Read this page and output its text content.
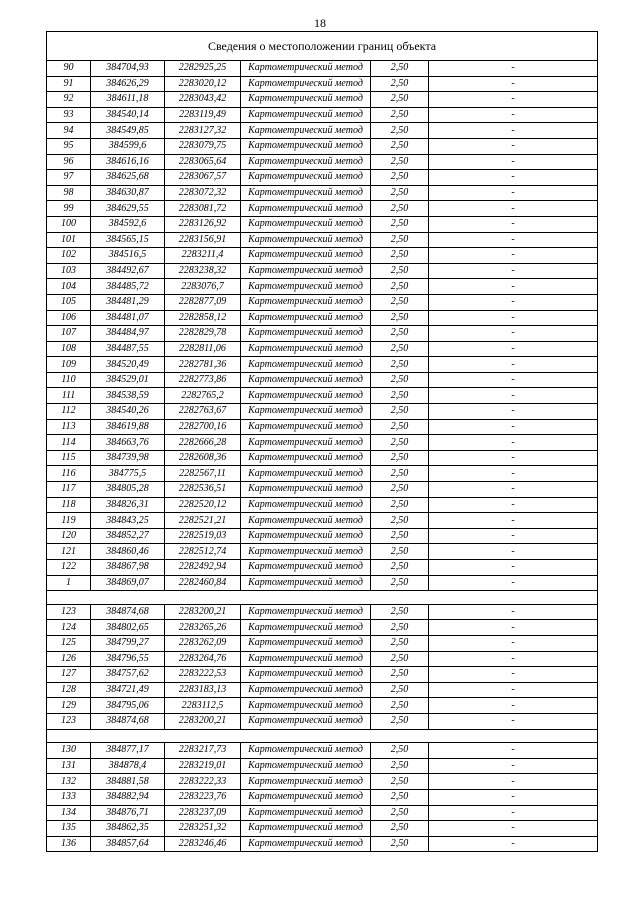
18
Сведения о местоположении границ объекта					
90	384704,93	2282925,25	Картометрический метод	2,50	-
91	384626,29	2283020,12	Картометрический метод	2,50	-
92	384611,18	2283043,42	Картометрический метод	2,50	-
93	384540,14	2283119,49	Картометрический метод	2,50	-
94	384549,85	2283127,32	Картометрический метод	2,50	-
95	384599,6	2283079,75	Картометрический метод	2,50	-
96	384616,16	2283065,64	Картометрический метод	2,50	-
97	384625,68	2283067,57	Картометрический метод	2,50	-
98	384630,87	2283072,32	Картометрический метод	2,50	-
99	384629,55	2283081,72	Картометрический метод	2,50	-
100	384592,6	2283126,92	Картометрический метод	2,50	-
101	384565,15	2283156,91	Картометрический метод	2,50	-
102	384516,5	2283211,4	Картометрический метод	2,50	-
103	384492,67	2283238,32	Картометрический метод	2,50	-
104	384485,72	2283076,7	Картометрический метод	2,50	-
105	384481,29	2282877,09	Картометрический метод	2,50	-
106	384481,07	2282858,12	Картометрический метод	2,50	-
107	384484,97	2282829,78	Картометрический метод	2,50	-
108	384487,55	2282811,06	Картометрический метод	2,50	-
109	384520,49	2282781,36	Картометрический метод	2,50	-
110	384529,01	2282773,86	Картометрический метод	2,50	-
111	384538,59	2282765,2	Картометрический метод	2,50	-
112	384540,26	2282763,67	Картометрический метод	2,50	-
113	384619,88	2282700,16	Картометрический метод	2,50	-
114	384663,76	2282666,28	Картометрический метод	2,50	-
115	384739,98	2282608,36	Картометрический метод	2,50	-
116	384775,5	2282567,11	Картометрический метод	2,50	-
117	384805,28	2282536,51	Картометрический метод	2,50	-
118	384826,31	2282520,12	Картометрический метод	2,50	-
119	384843,25	2282521,21	Картометрический метод	2,50	-
120	384852,27	2282519,03	Картометрический метод	2,50	-
121	384860,46	2282512,74	Картометрический метод	2,50	-
122	384867,98	2282492,94	Картометрический метод	2,50	-
1	384869,07	2282460,84	Картометрический метод	2,50	-

123	384874,68	2283200,21	Картометрический метод	2,50	-
124	384802,65	2283265,26	Картометрический метод	2,50	-
125	384799,27	2283262,09	Картометрический метод	2,50	-
126	384796,55	2283264,76	Картометрический метод	2,50	-
127	384757,62	2283222,53	Картометрический метод	2,50	-
128	384721,49	2283183,13	Картометрический метод	2,50	-
129	384795,06	2283112,5	Картометрический метод	2,50	-
123	384874,68	2283200,21	Картометрический метод	2,50	-

130	384877,17	2283217,73	Картометрический метод	2,50	-
131	384878,4	2283219,01	Картометрический метод	2,50	-
132	384881,58	2283222,33	Картометрический метод	2,50	-
133	384882,94	2283223,76	Картометрический метод	2,50	-
134	384876,71	2283237,09	Картометрический метод	2,50	-
135	384862,35	2283251,32	Картометрический метод	2,50	-
136	384857,64	2283246,46	Картометрический метод	2,50	-
